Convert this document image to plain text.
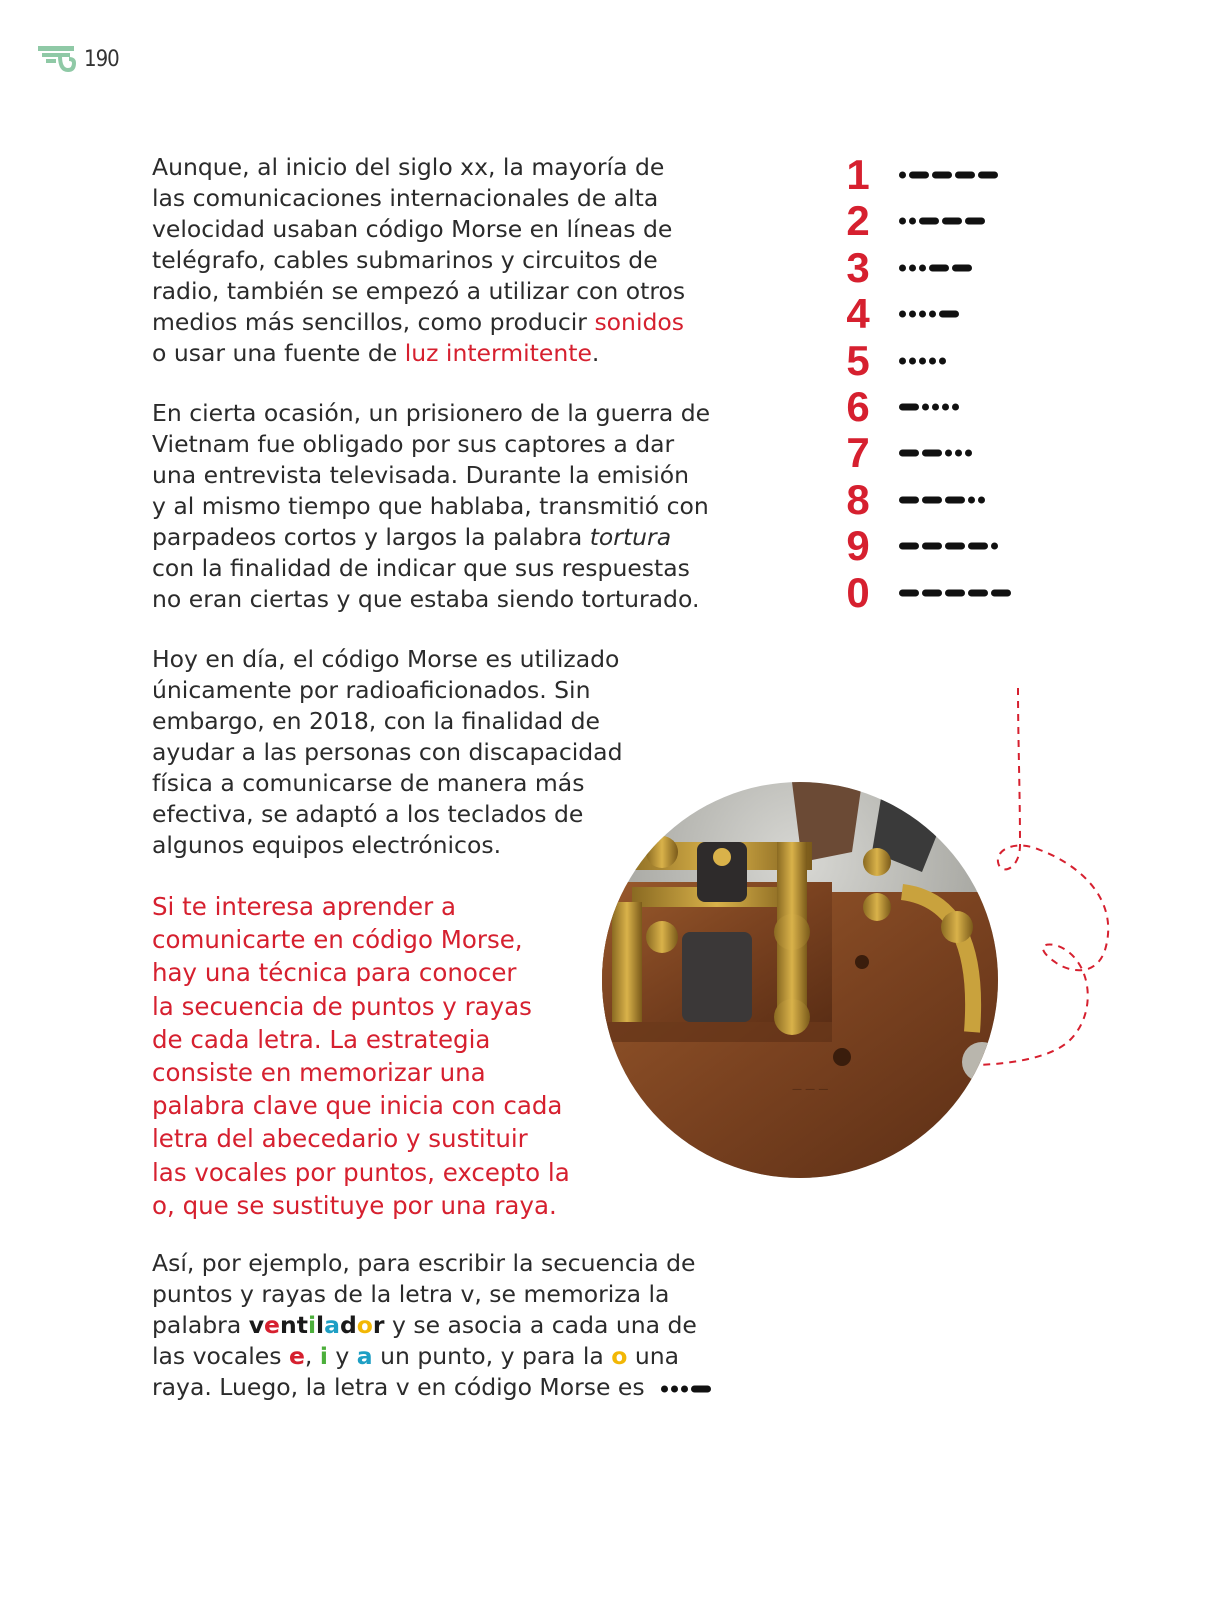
190

Aunque, al inicio del siglo xx, la mayoría de

las comunicaciones internacionales de alta

velocidad usaban código Morse en líneas de

telégrafo, cables submarinos y circuitos de

radio, también se empezó a utilizar con otros

medios más sencillos, como producir sonidos

o usar una fuente de luz intermitente.

En cierta ocasión, un prisionero de la guerra de

Vietnam fue obligado por sus captores a dar

una entrevista televisada. Durante la emisión

y al mismo tiempo que hablaba, transmitió con

parpadeos cortos y largos la palabra tortura

con la finalidad de indicar que sus respuestas

no eran ciertas y que estaba siendo torturado.

Hoy en día, el código Morse es utilizado

únicamente por radioaficionados. Sin

embargo, en 2018, con la finalidad de

ayudar a las personas con discapacidad

física a comunicarse de manera más

efectiva, se adaptó a los teclados de

algunos equipos electrónicos.

Si te interesa aprender a

comunicarte en código Morse,

hay una técnica para conocer

la secuencia de puntos y rayas

de cada letra. La estrategia

consiste en memorizar una

palabra clave que inicia con cada

letra del abecedario y sustituir

las vocales por puntos, excepto la

o, que se sustituye por una raya.

Así, por ejemplo, para escribir la secuencia de

puntos y rayas de la letra v, se memoriza la

palabra ventilador y se asocia a cada una de

las vocales e, i y a un punto, y para la o una

raya. Luego, la letra v en código Morse es

1
2
3
4
5
6
7
8
9
0
— — —
